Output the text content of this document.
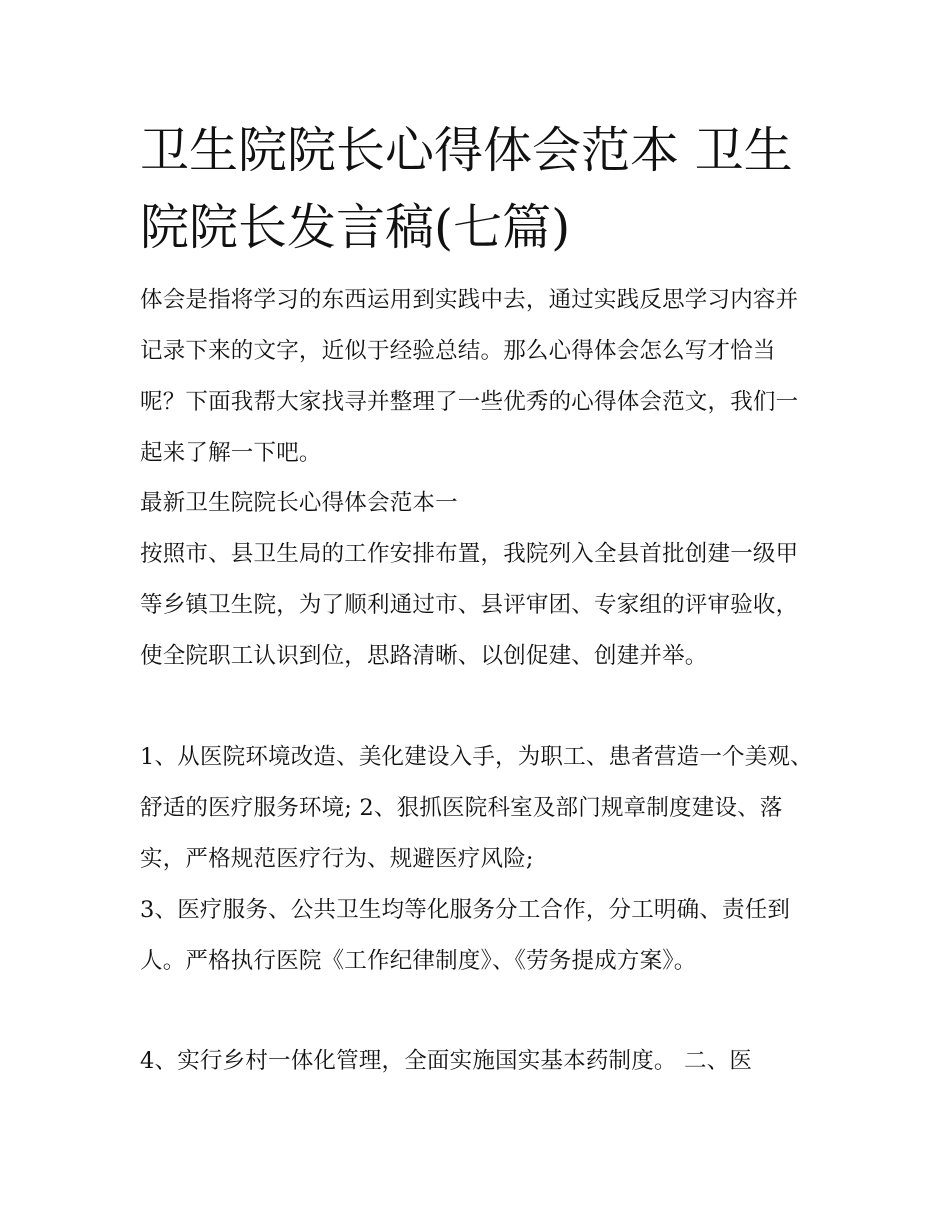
卫生院院长心得体会范本 卫生院院长发言稿(七篇)

体会是指将学习的东西运用到实践中去，通过实践反思学习内容并记录下来的文字，近似于经验总结。那么心得体会怎么写才恰当呢？下面我帮大家找寻并整理了一些优秀的心得体会范文，我们一起来了解一下吧。

最新卫生院院长心得体会范本一

按照市、县卫生局的工作安排布置，我院列入全县首批创建一级甲等乡镇卫生院，为了顺利通过市、县评审团、专家组的评审验收，使全院职工认识到位，思路清晰、以创促建、创建并举。

1、从医院环境改造、美化建设入手，为职工、患者营造一个美观、舒适的医疗服务环境; 2、狠抓医院科室及部门规章制度建设、落实，严格规范医疗行为、规避医疗风险;

3、医疗服务、公共卫生均等化服务分工合作，分工明确、责任到人。严格执行医院《工作纪律制度》、《劳务提成方案》。

4、实行乡村一体化管理，全面实施国实基本药制度。 二、医
